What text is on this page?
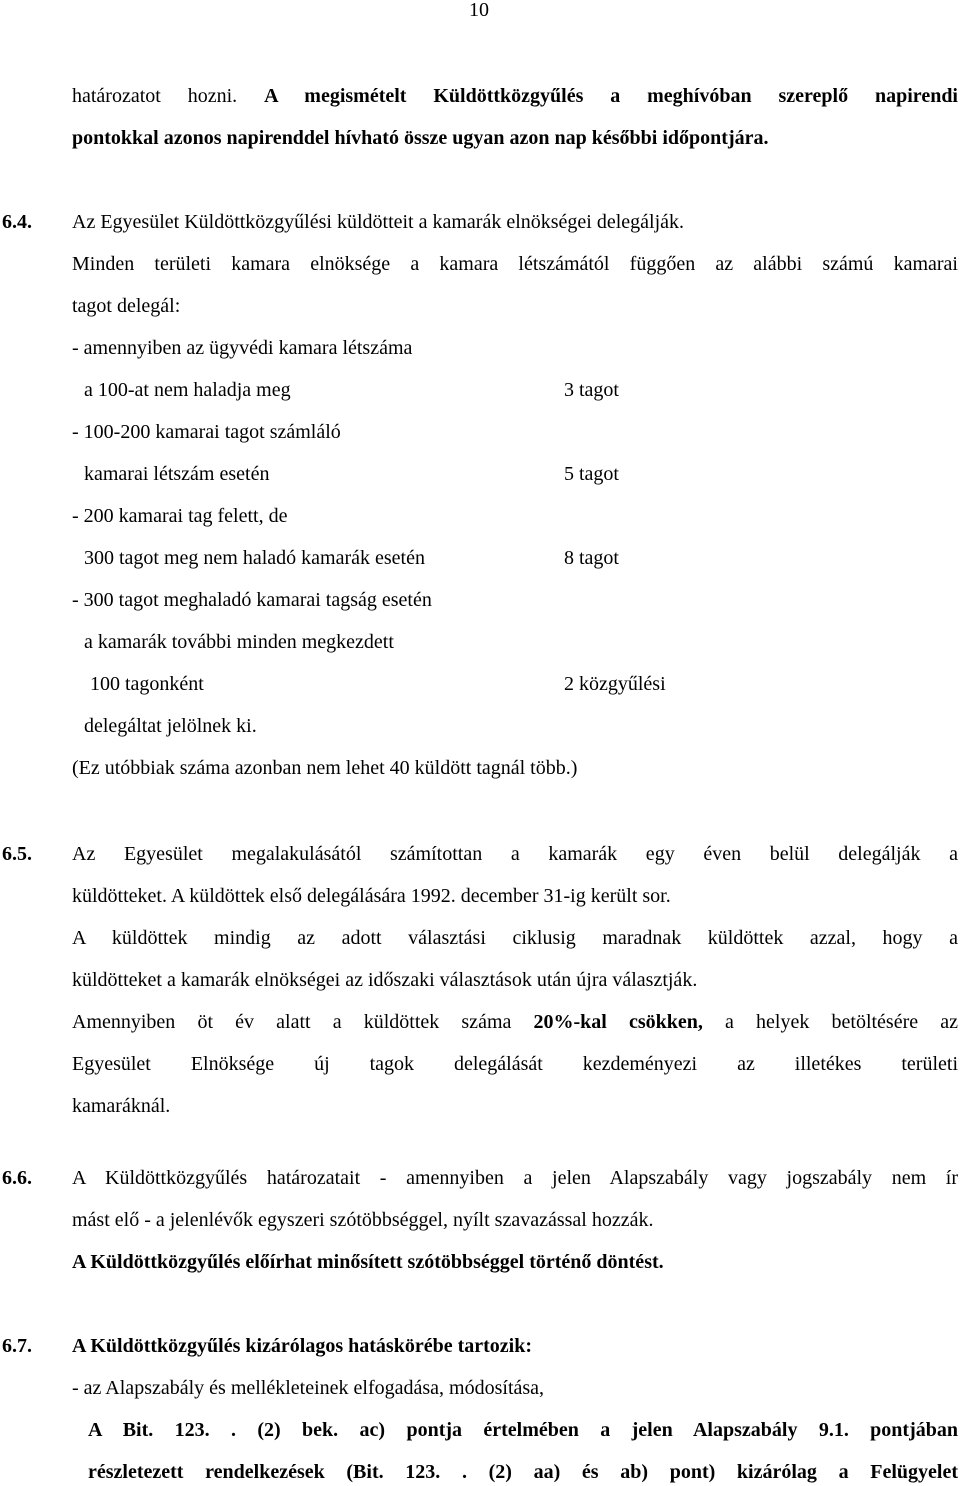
10
határozatot hozni. A megismételt Küldöttközgyűlés a meghívóban szereplő napirendi
pontokkal azonos napirenddel hívható össze ugyan azon nap későbbi időpontjára.
6.4. Az Egyesület Küldöttközgyűlési küldötteit a kamarák elnökségei delegálják.
Minden területi kamara elnöksége a kamara létszámától függően az alábbi számú kamarai
tagot delegál:
- amennyiben az ügyvédi kamara létszáma
a 100-at nem haladja meg	3 tagot
- 100-200 kamarai tagot számláló
kamarai létszám esetén	5 tagot
- 200 kamarai tag felett, de
300 tagot meg nem haladó kamarák esetén	8 tagot
- 300 tagot meghaladó kamarai tagság esetén
a kamarák további minden megkezdett
100 tagonként	2 közgyűlési
delegáltat jelölnek ki.
(Ez utóbbiak száma azonban nem lehet 40 küldött tagnál több.)
6.5. Az Egyesület megalakulásától számítottan a kamarák egy éven belül delegálják a
küldötteket. A küldöttek első delegálására 1992. december 31-ig került sor.
A küldöttek mindig az adott választási ciklusig maradnak küldöttek azzal, hogy a
küldötteket a kamarák elnökségei az időszaki választások után újra választják.
Amennyiben öt év alatt a küldöttek száma 20%-kal csökken, a helyek betöltésére az
Egyesület Elnöksége új tagok delegálását kezdeményezi az illetékes területi
kamaráknál.
6.6. A Küldöttközgyűlés határozatait - amennyiben a jelen Alapszabály vagy jogszabály nem ír
mást elő - a jelenlévők egyszeri szótöbbséggel, nyílt szavazással hozzák.
A Küldöttközgyűlés előírhat minősített szótöbbséggel történő döntést.
6.7. A Küldöttközgyűlés kizárólagos hatáskörébe tartozik:
- az Alapszabály és mellékleteinek elfogadása, módosítása,
A Bit. 123. . (2) bek. ac) pontja értelmében a jelen Alapszabály 9.1. pontjában
részletezett rendelkezések (Bit. 123. . (2) aa) és ab) pont) kizárólag a Felügyelet
